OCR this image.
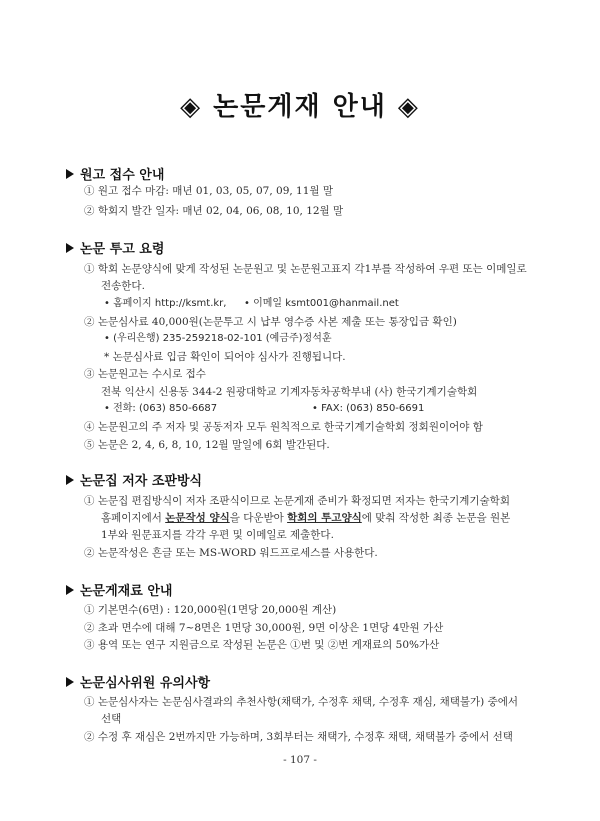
◈ 논문게재 안내 ◈
원고 접수 안내
① 원고 접수 마감: 매년 01, 03, 05, 07, 09, 11월 말
② 학회지 발간 일자: 매년 02, 04, 06, 08, 10, 12월 말
논문 투고 요령
① 학회 논문양식에 맞게 작성된 논문원고 및 논문원고표지 각1부를 작성하여 우편 또는 이메일로
전송한다.
• 홈페이지 http://ksmt.kr, • 이메일 ksmt001@hanmail.net
② 논문심사료 40,000원(논문투고 시 납부 영수증 사본 제출 또는 통장입금 확인)
• (우리은행) 235-259218-02-101 (예금주)정석훈
* 논문심사료 입금 확인이 되어야 심사가 진행됩니다.
③ 논문원고는 수시로 접수
전북 익산시 신용동 344-2 원광대학교 기계자동차공학부내 (사) 한국기계기술학회
• 전화: (063) 850-6687	• FAX: (063) 850-6691
④ 논문원고의 주 저자 및 공동저자 모두 원칙적으로 한국기계기술학회 정회원이어야 함
⑤ 논문은 2, 4, 6, 8, 10, 12월 말일에 6회 발간된다.
논문집 저자 조판방식
① 논문집 편집방식이 저자 조판식이므로 논문게재 준비가 확정되면 저자는 한국기계기술학회
홈페이지에서 논문작성 양식을 다운받아 학회의 투고양식에 맞춰 작성한 최종 논문을 원본
1부와 원문표지를 각각 우편 및 이메일로 제출한다.
② 논문작성은 흔글 또는 MS-WORD 워드프로세스를 사용한다.
논문게재료 안내
① 기본면수(6면) : 120,000원(1면당 20,000원 계산)
② 초과 면수에 대해 7~8면은 1면당 30,000원, 9면 이상은 1면당 4만원 가산
③ 용역 또는 연구 지원금으로 작성된 논문은 ①번 및 ②번 게재료의 50%가산
논문심사위원 유의사항
① 논문심사자는 논문심사결과의 추천사항(채택가, 수정후 채택, 수정후 재심, 채택불가) 중에서
선택
② 수정 후 재심은 2번까지만 가능하며, 3회부터는 채택가, 수정후 채택, 채택불가 중에서 선택
- 107 -
